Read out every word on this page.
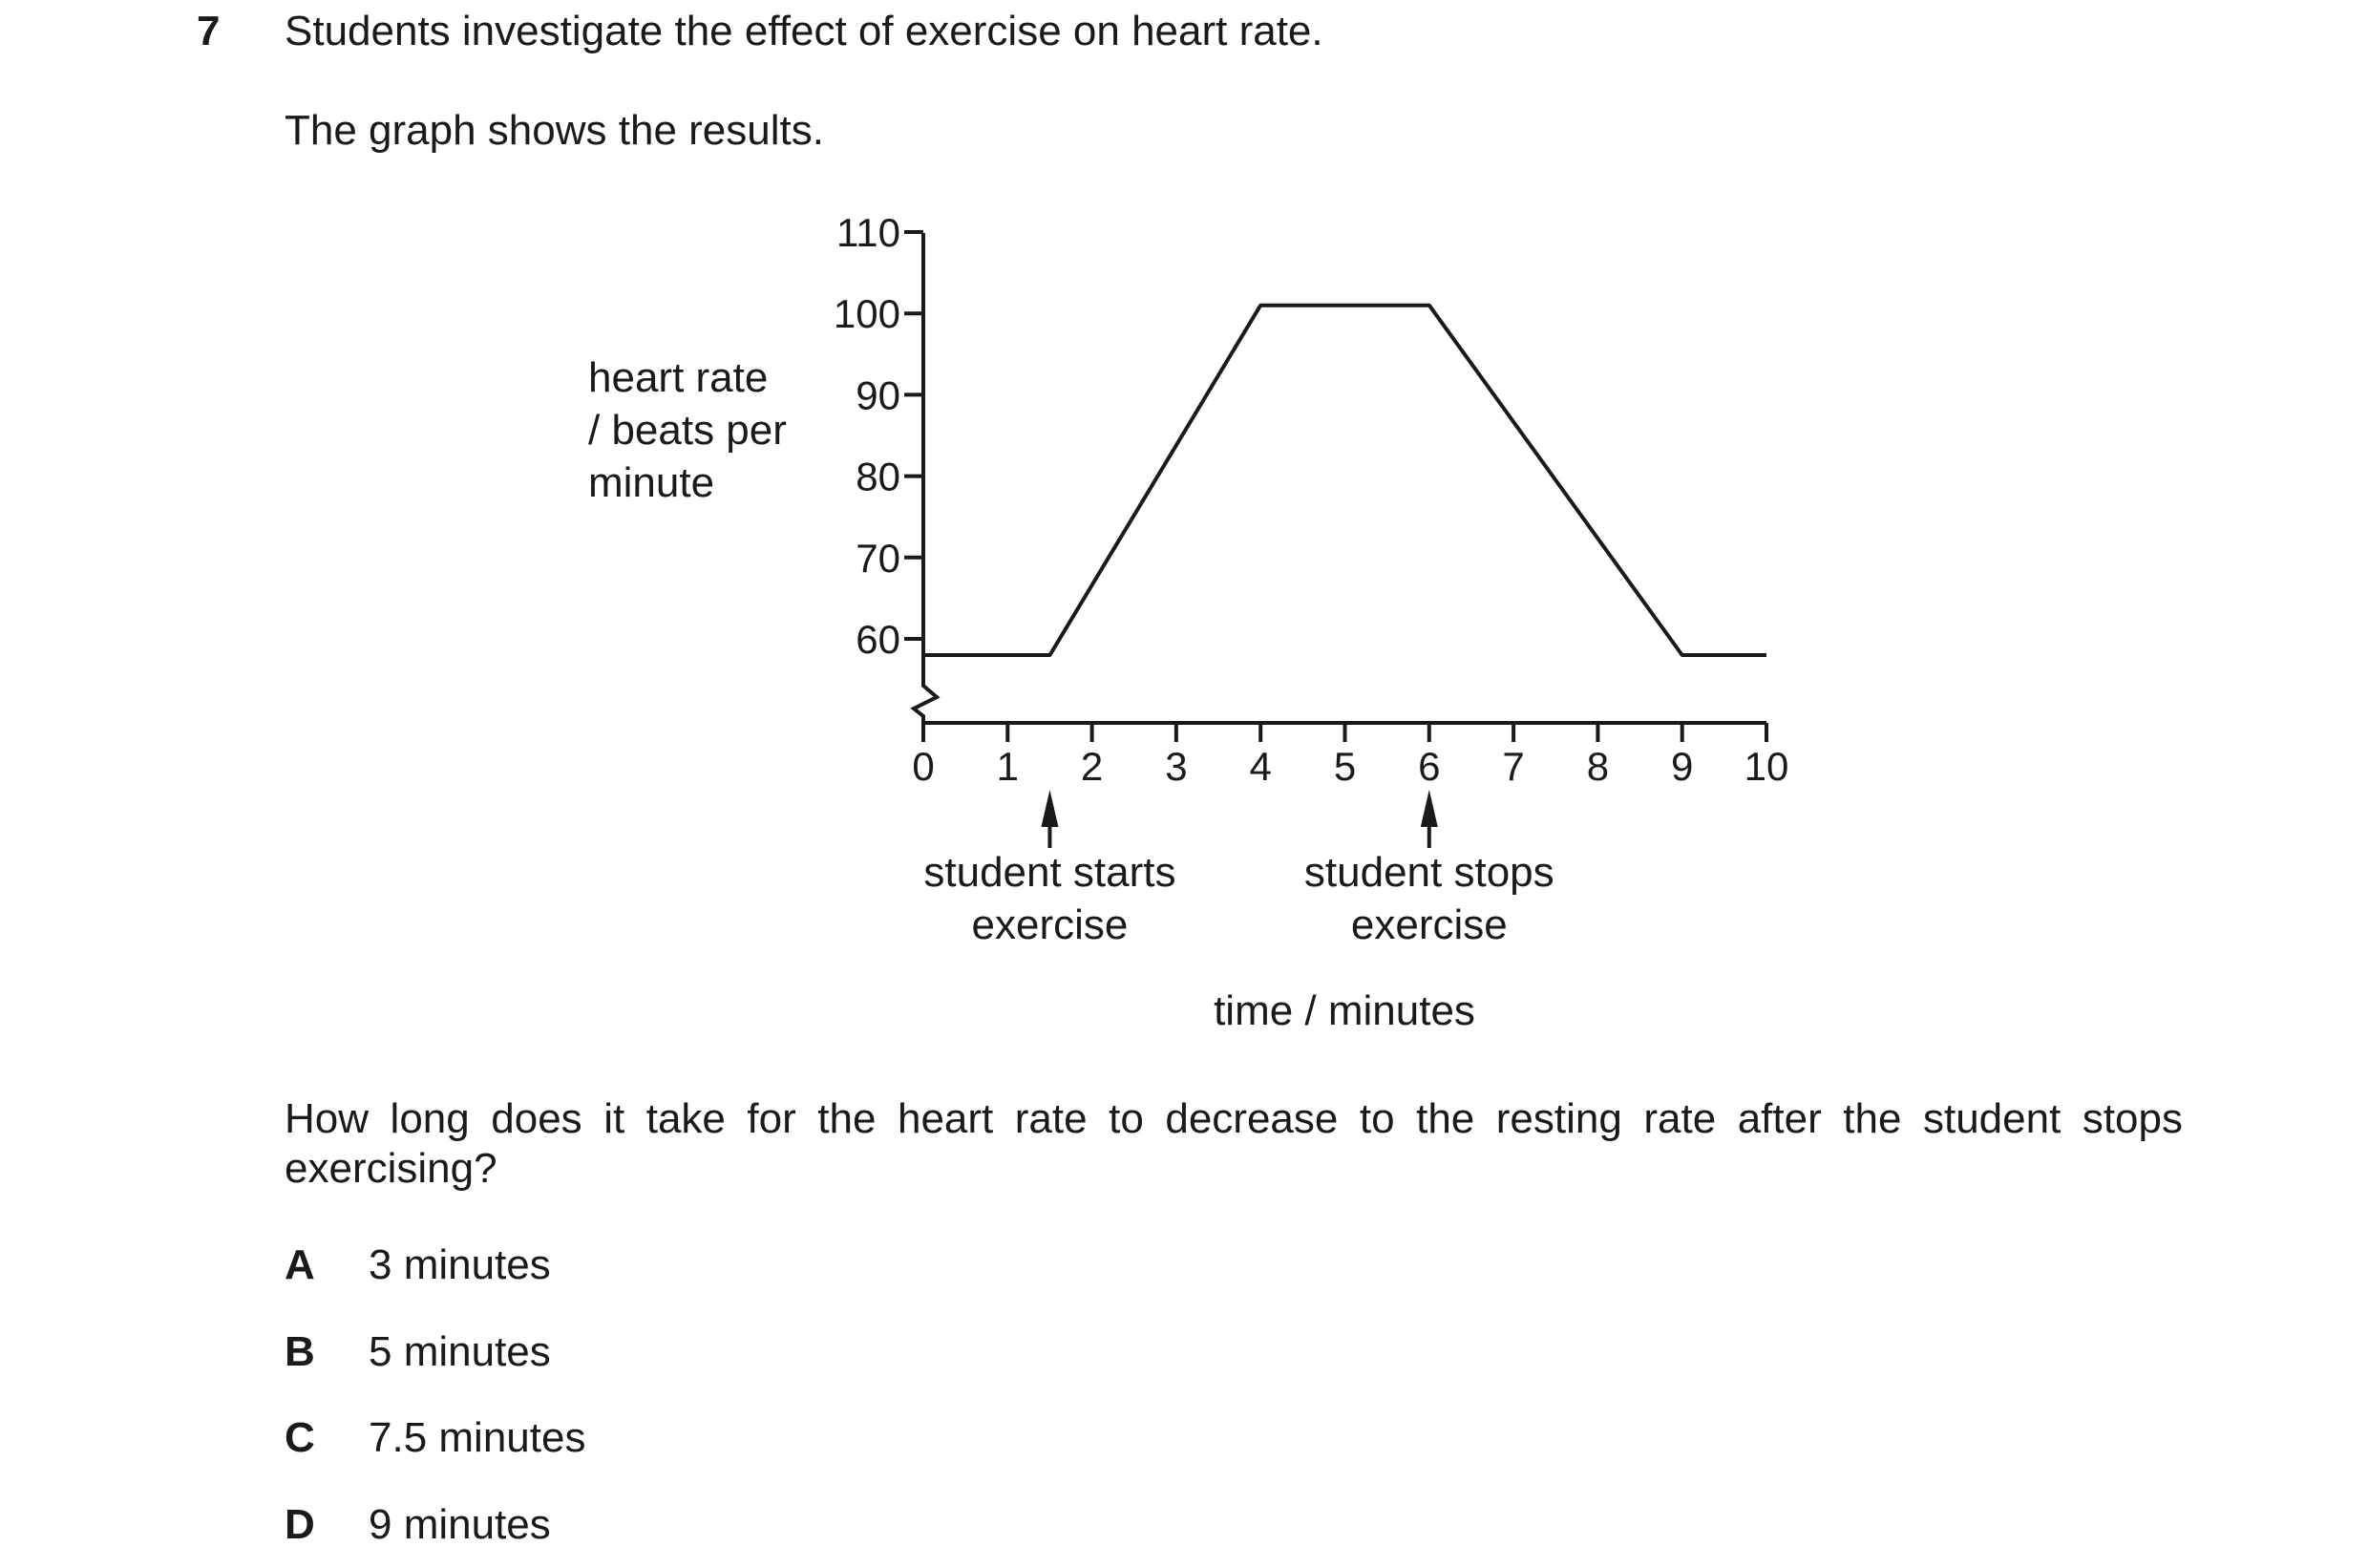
7 Students investigate the effect of exercise on heart rate.
The graph shows the results.
heart rate
/ beats per
minute
60
70
80
90
100
110
0 1 2 3 4 5 6 7 8 9 10
student starts
exercise
student stops
exercise
time / minutes
How long does it take for the heart rate to decrease to the resting rate after the student stops exercising?
A	3 minutes
B	5 minutes
C	7.5 minutes
D	9 minutes
